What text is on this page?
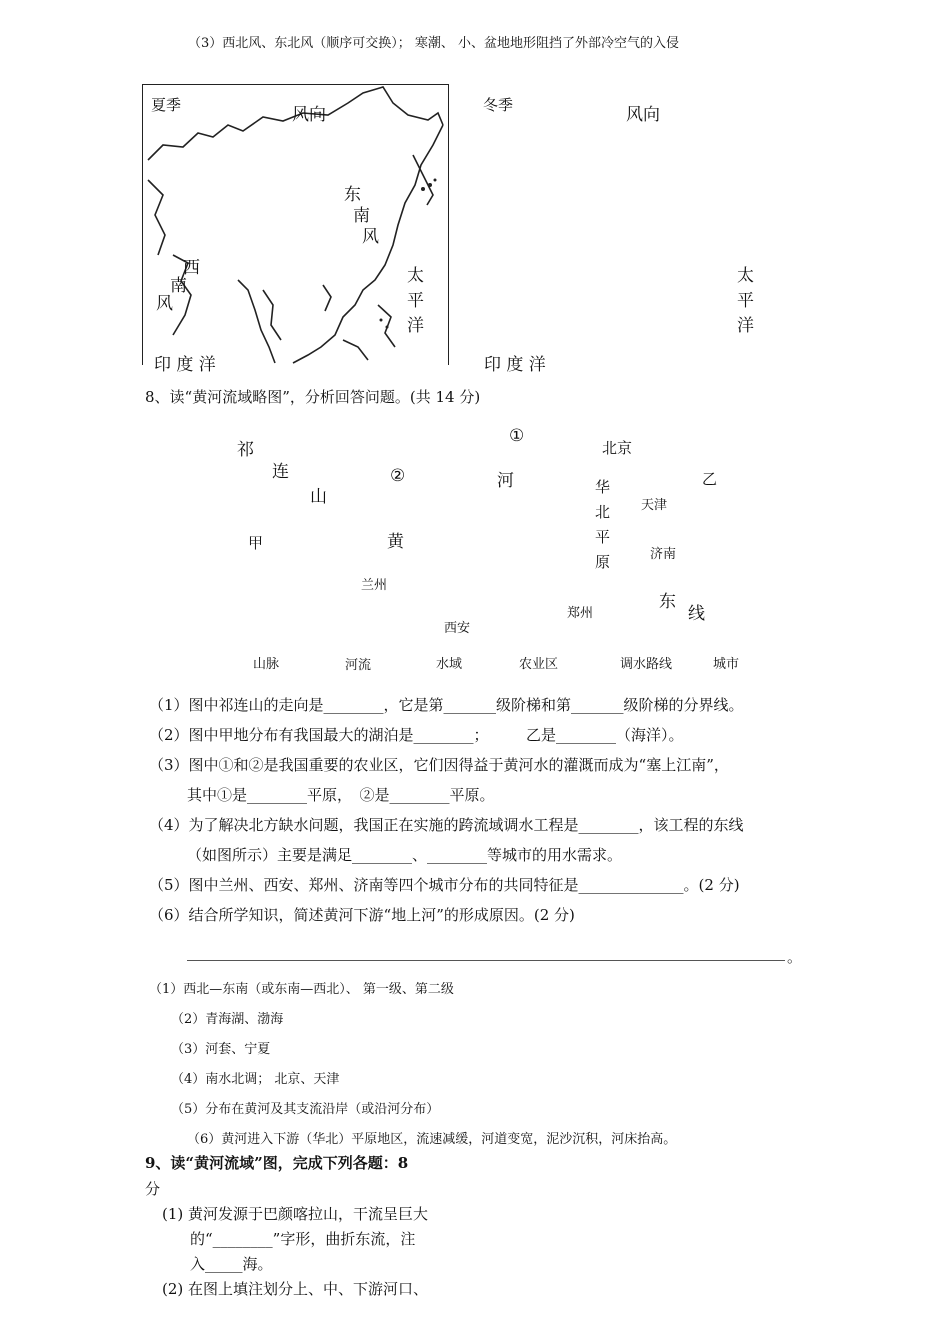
（3）西北风、东北风（顺序可交换）； 寒潮、 小、盆地地形阻挡了外部冷空气的入侵
夏季	风向
东
南
风
西
南
风
太
平
洋
印 度 洋
冬季	风向
太
平
洋
印 度 洋
8、读“黄河流域略图”，分析回答问题。(共 14 分)
祁
连
山
①
②	河
黄
甲
乙
北京
天津
济南
郑州
西安
兰州
华
北
平
原
东
线
山脉	河流	水域	农业区	调水路线	城市
（1）图中祁连山的走向是________，它是第_______级阶梯和第_______级阶梯的分界线。
（2）图中甲地分布有我国最大的湖泊是________；　　　乙是________（海洋）。
（3）图中①和②是我国重要的农业区，它们因得益于黄河水的灌溉而成为“塞上江南”，
其中①是________平原，　②是________平原。
（4）为了解决北方缺水问题，我国正在实施的跨流域调水工程是________，该工程的东线
（如图所示）主要是满足________、________等城市的用水需求。
（5）图中兰州、西安、郑州、济南等四个城市分布的共同特征是______________。(2 分)
（6）结合所学知识，简述黄河下游“地上河”的形成原因。(2 分)
。
（1）西北—东南（或东南—西北）、 第一级、第二级
（2）青海湖、渤海
（3）河套、宁夏
（4）南水北调； 北京、天津
（5）分布在黄河及其支流沿岸（或沿河分布）
（6）黄河进入下游（华北）平原地区，流速减缓，河道变宽，泥沙沉积，河床抬高。
9、读“黄河流域”图，完成下列各题：8
分
(1) 黄河发源于巴颜喀拉山，干流呈巨大
的“________”字形，曲折东流，注
入_____海。
(2) 在图上填注划分上、中、下游河口、
